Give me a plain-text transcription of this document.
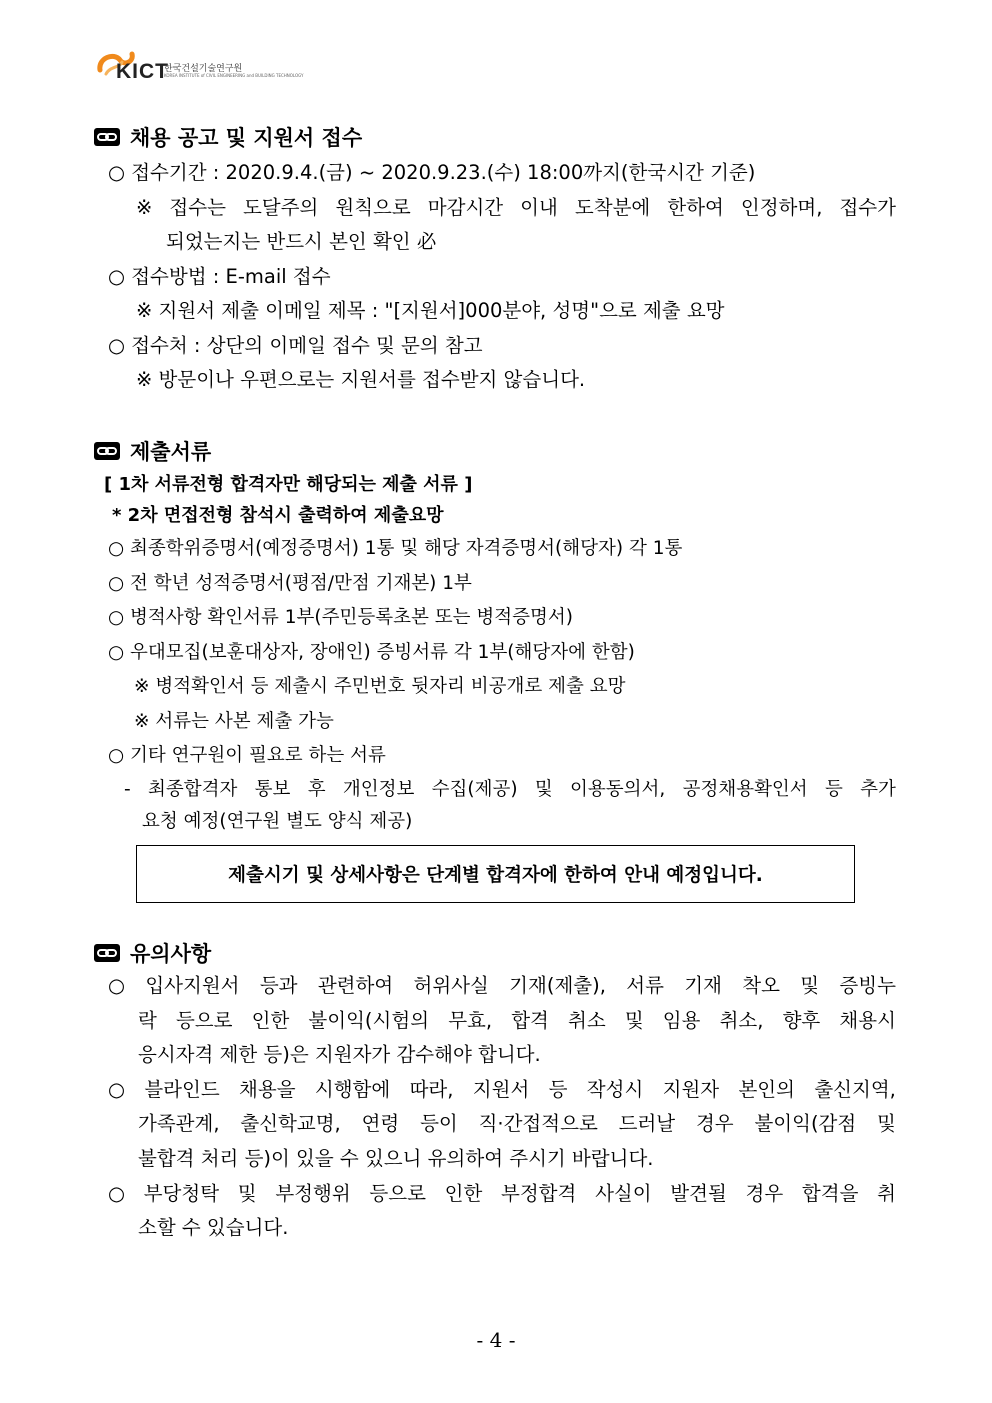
KICT
한국건설기술연구원
KOREA INSTITUTE of CIVIL ENGINEERING and BUILDING TECHNOLOGY
채용 공고 및 지원서 접수
○ 접수기간 : 2020.9.4.(금) ~ 2020.9.23.(수) 18:00까지(한국시간 기준)
※ 접수는 도달주의 원칙으로 마감시간 이내 도착분에 한하여 인정하며, 접수가
되었는지는 반드시 본인 확인 必
○ 접수방법 : E-mail 접수
※ 지원서 제출 이메일 제목 : "[지원서]000분야, 성명"으로 제출 요망
○ 접수처 : 상단의 이메일 접수 및 문의 참고
※ 방문이나 우편으로는 지원서를 접수받지 않습니다.
제출서류
[ 1차 서류전형 합격자만 해당되는 제출 서류 ]
* 2차 면접전형 참석시 출력하여 제출요망
○ 최종학위증명서(예정증명서) 1통 및 해당 자격증명서(해당자) 각 1통
○ 전 학년 성적증명서(평점/만점 기재본) 1부
○ 병적사항 확인서류 1부(주민등록초본 또는 병적증명서)
○ 우대모집(보훈대상자, 장애인) 증빙서류 각 1부(해당자에 한함)
※ 병적확인서 등 제출시 주민번호 뒷자리 비공개로 제출 요망
※ 서류는 사본 제출 가능
○ 기타 연구원이 필요로 하는 서류
- 최종합격자 통보 후 개인정보 수집(제공) 및 이용동의서, 공정채용확인서 등 추가
요청 예정(연구원 별도 양식 제공)
제출시기 및 상세사항은 단계별 합격자에 한하여 안내 예정입니다.
유의사항
○ 입사지원서 등과 관련하여 허위사실 기재(제출), 서류 기재 착오 및 증빙누
락 등으로 인한 불이익(시험의 무효, 합격 취소 및 임용 취소, 향후 채용시
응시자격 제한 등)은 지원자가 감수해야 합니다.
○ 블라인드 채용을 시행함에 따라, 지원서 등 작성시 지원자 본인의 출신지역,
가족관계, 출신학교명, 연령 등이 직·간접적으로 드러날 경우 불이익(감점 및
불합격 처리 등)이 있을 수 있으니 유의하여 주시기 바랍니다.
○ 부당청탁 및 부정행위 등으로 인한 부정합격 사실이 발견될 경우 합격을 취
소할 수 있습니다.
- 4 -
